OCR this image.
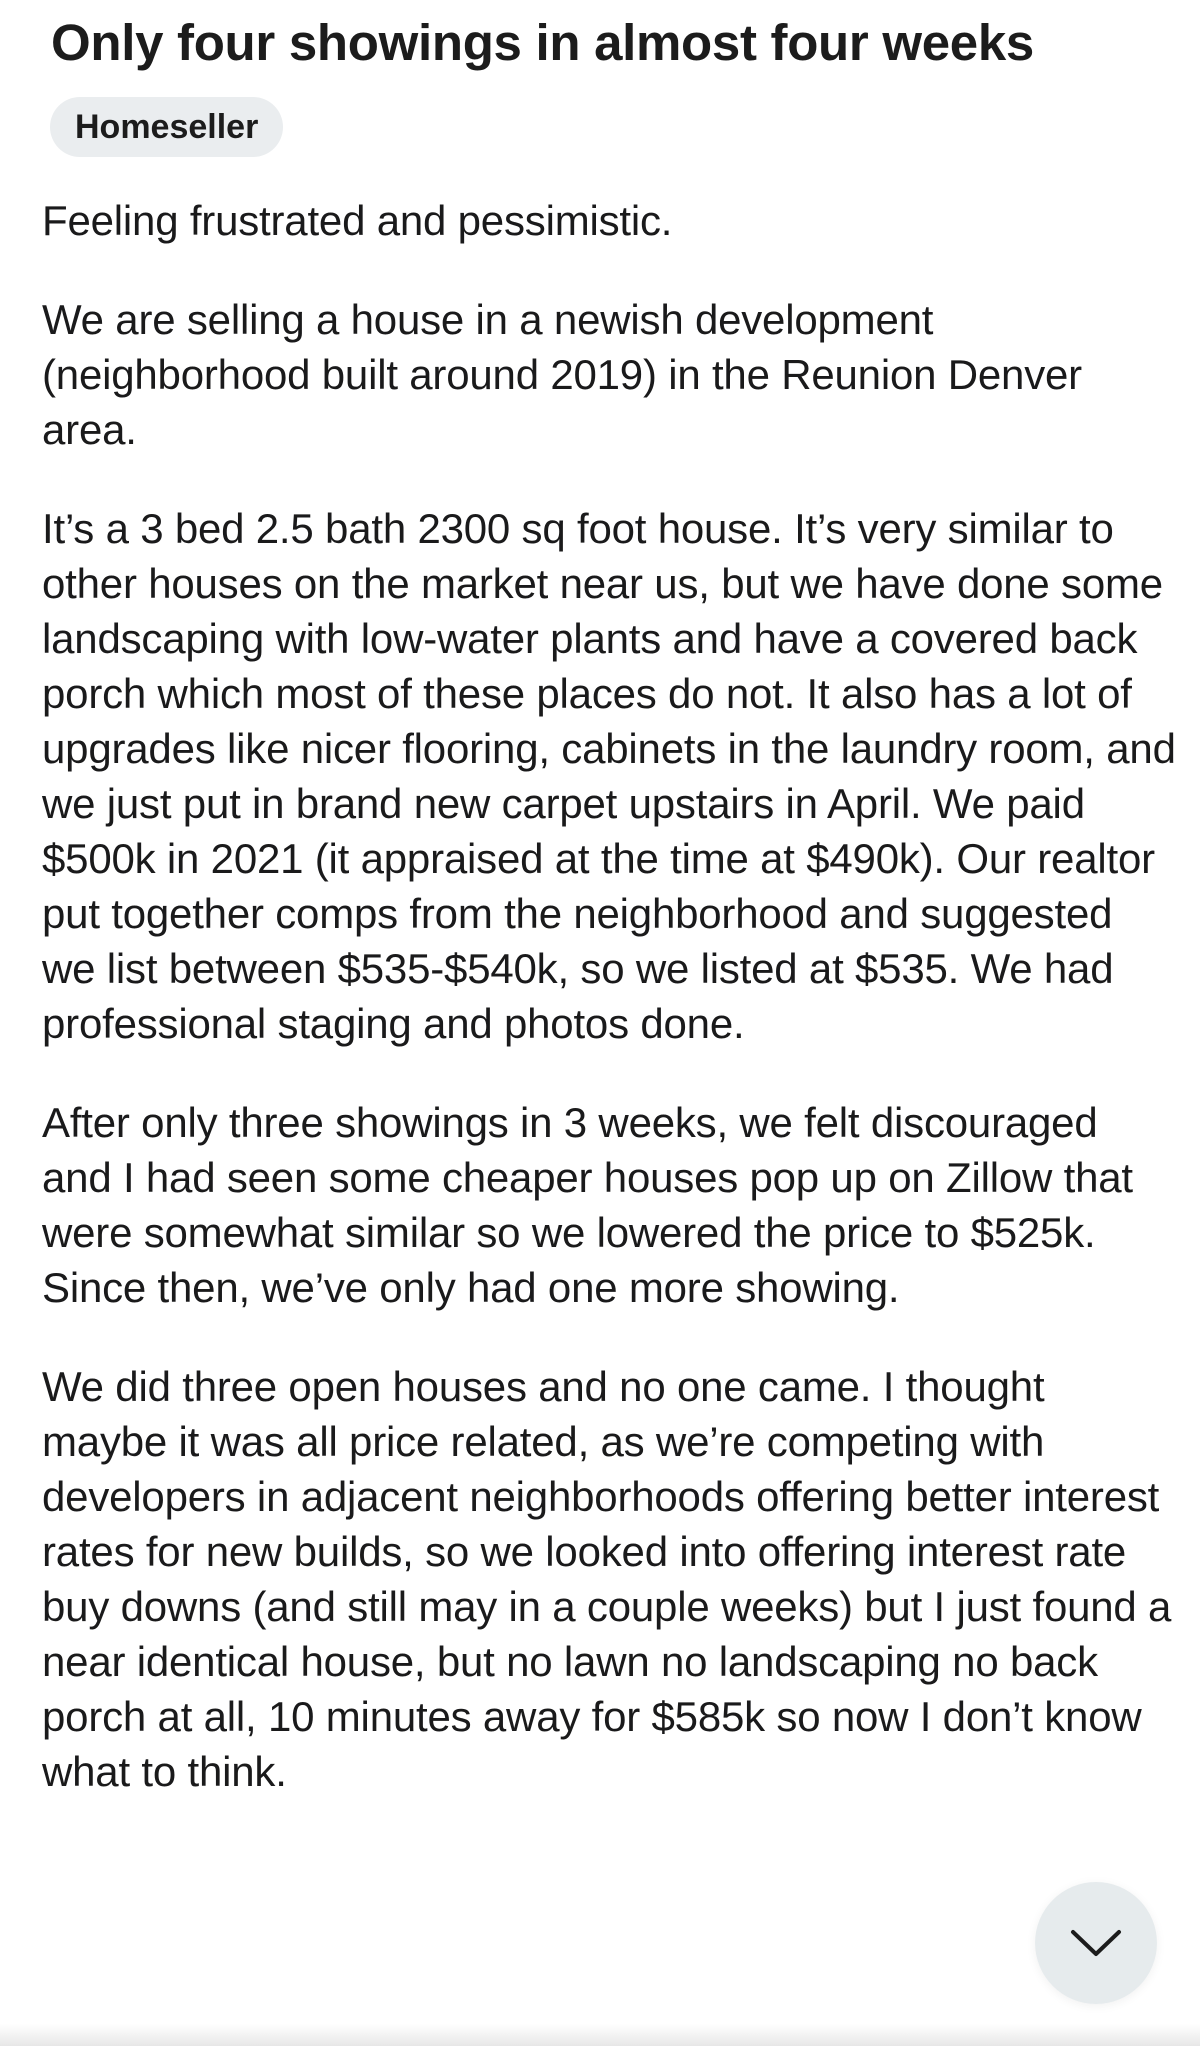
Only four showings in almost four weeks
Homeseller

Feeling frustrated and pessimistic.

We are selling a house in a newish development (neighborhood built around 2019) in the Reunion Denver area.

It’s a 3 bed 2.5 bath 2300 sq foot house. It’s very similar to other houses on the market near us, but we have done some landscaping with low-water plants and have a covered back porch which most of these places do not. It also has a lot of upgrades like nicer flooring, cabinets in the laundry room, and we just put in brand new carpet upstairs in April. We paid $500k in 2021 (it appraised at the time at $490k). Our realtor put together comps from the neighborhood and suggested we list between $535-$540k, so we listed at $535. We had professional staging and photos done.

After only three showings in 3 weeks, we felt discouraged and I had seen some cheaper houses pop up on Zillow that were somewhat similar so we lowered the price to $525k. Since then, we’ve only had one more showing.

We did three open houses and no one came. I thought maybe it was all price related, as we’re competing with developers in adjacent neighborhoods offering better interest rates for new builds, so we looked into offering interest rate buy downs (and still may in a couple weeks) but I just found a near identical house, but no lawn no landscaping no back porch at all, 10 minutes away for $585k so now I don’t know what to think.
